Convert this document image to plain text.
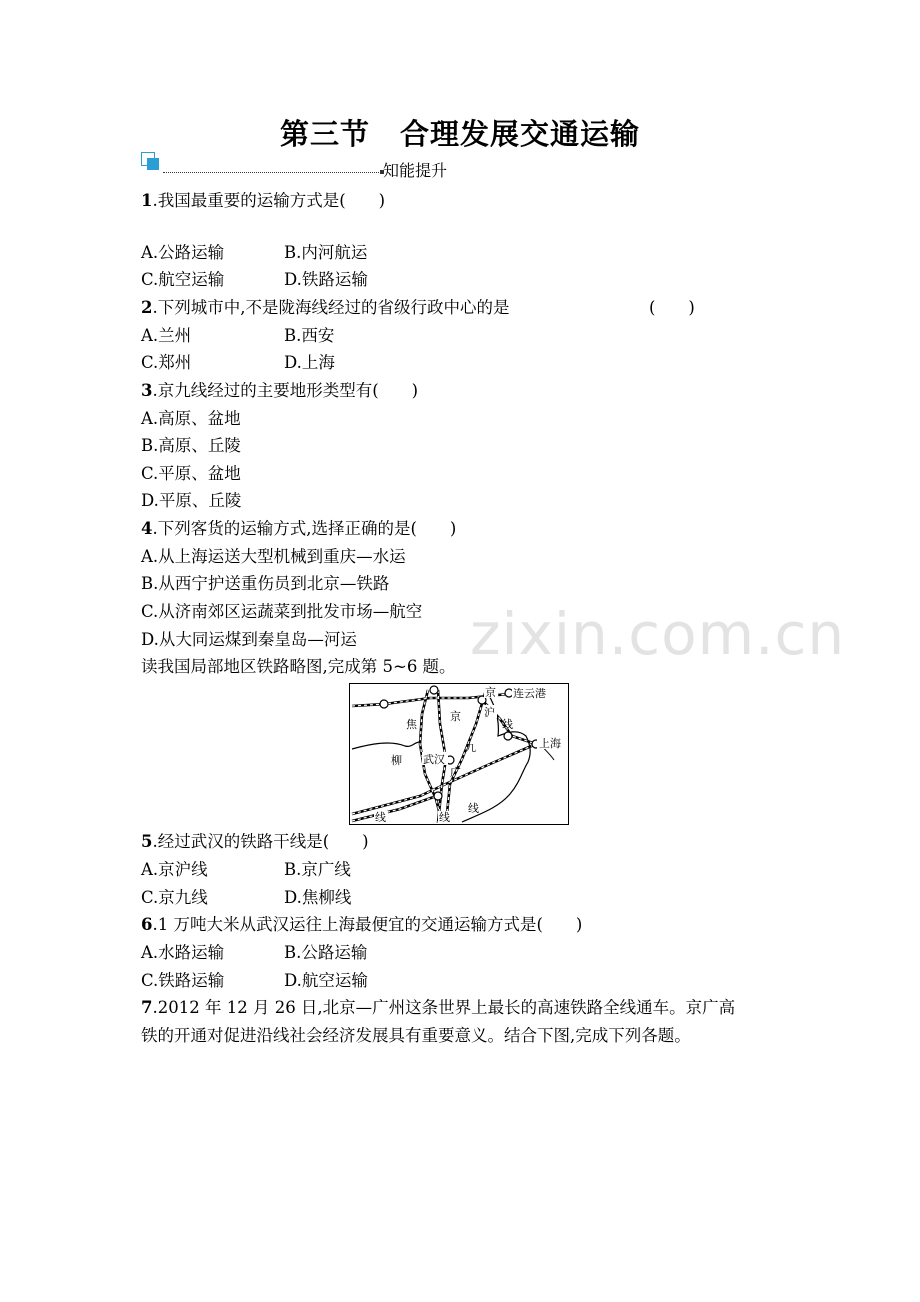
第三节　合理发展交通运输
知能提升
1.我国最重要的运输方式是(　　)
A.公路运输	B.内河航运
C.航空运输	D.铁路运输
2.下列城市中,不是陇海线经过的省级行政中心的是	(　　)
A.兰州	B.西安
C.郑州	D.上海
3.京九线经过的主要地形类型有(　　)
A.高原、盆地
B.高原、丘陵
C.平原、盆地
D.平原、丘陵
4.下列客货的运输方式,选择正确的是(　　)
A.从上海运送大型机械到重庆—水运
B.从西宁护送重伤员到北京—铁路
C.从济南郊区运蔬菜到批发市场—航空
D.从大同运煤到秦皇岛—河运 zixin.com.cn
读我国局部地区铁路略图,完成第 5~6 题。
京 连云港
焦
京 沪
线
上海
九
武汉
柳
广
线
线	线
5.经过武汉的铁路干线是(　　)
A.京沪线	B.京广线
C.京九线	D.焦柳线
6.1 万吨大米从武汉运往上海最便宜的交通运输方式是(　　)
A.水路运输	B.公路运输
C.铁路运输	D.航空运输
7.2012 年 12 月 26 日,北京—广州这条世界上最长的高速铁路全线通车。京广高
铁的开通对促进沿线社会经济发展具有重要意义。结合下图,完成下列各题。
